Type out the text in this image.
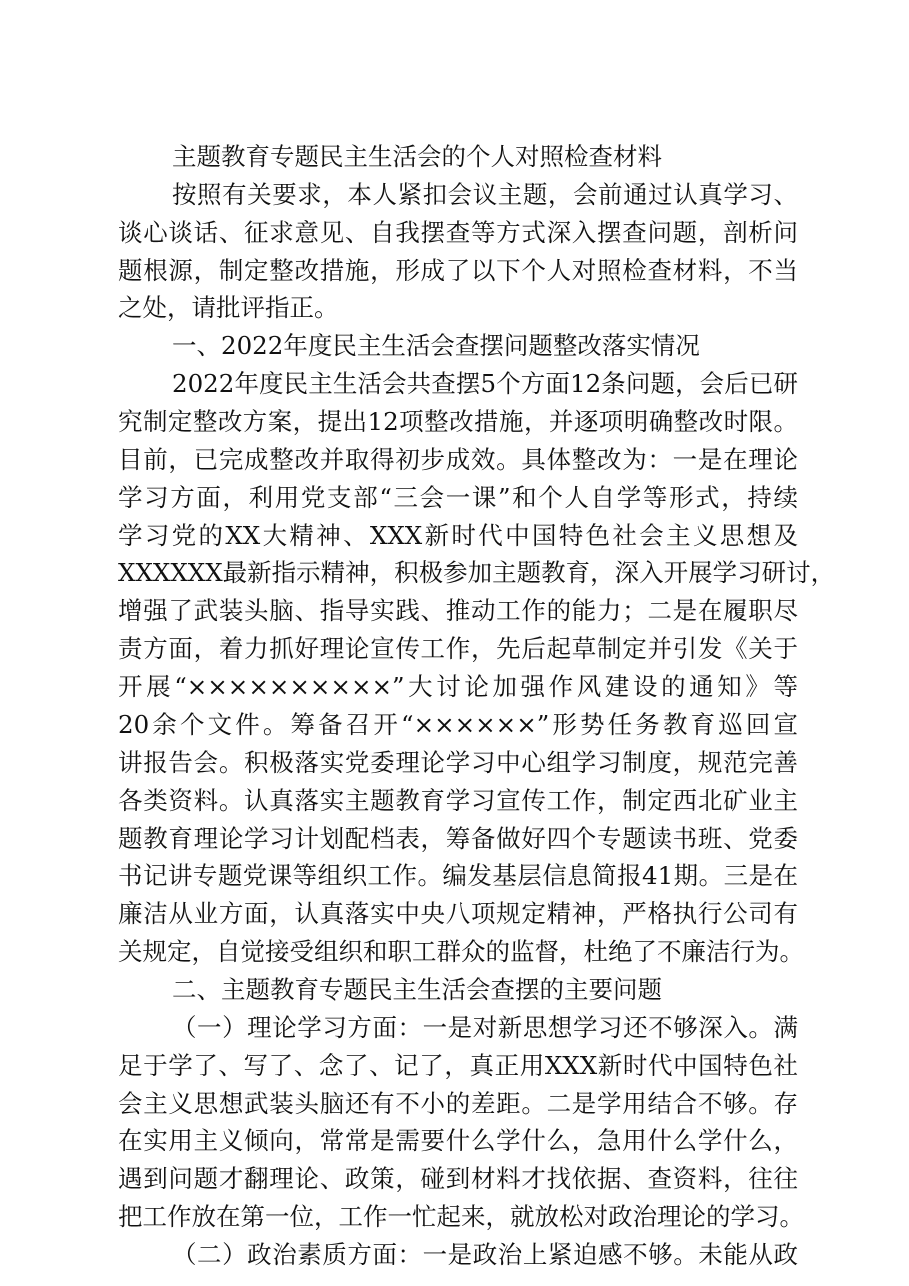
主题教育专题民主生活会的个人对照检查材料
按照有关要求，本人紧扣会议主题，会前通过认真学习、
谈心谈话、征求意见、自我摆查等方式深入摆查问题，剖析问
题根源，制定整改措施，形成了以下个人对照检查材料，不当
之处，请批评指正。
一、2022年度民主生活会查摆问题整改落实情况
2022年度民主生活会共查摆5个方面12条问题，会后已研
究制定整改方案，提出12项整改措施，并逐项明确整改时限。
目前，已完成整改并取得初步成效。具体整改为：一是在理论
学习方面，利用党支部“三会一课”和个人自学等形式，持续
学习党的XX大精神、XXX新时代中国特色社会主义思想及
XXXXXX最新指示精神，积极参加主题教育，深入开展学习研讨，
增强了武装头脑、指导实践、推动工作的能力；二是在履职尽
责方面，着力抓好理论宣传工作，先后起草制定并引发《关于
开展“××××××××××”大讨论加强作风建设的通知》等
20余个文件。筹备召开“××××××”形势任务教育巡回宣
讲报告会。积极落实党委理论学习中心组学习制度，规范完善
各类资料。认真落实主题教育学习宣传工作，制定西北矿业主
题教育理论学习计划配档表，筹备做好四个专题读书班、党委
书记讲专题党课等组织工作。编发基层信息简报41期。三是在
廉洁从业方面，认真落实中央八项规定精神，严格执行公司有
关规定，自觉接受组织和职工群众的监督，杜绝了不廉洁行为。
二、主题教育专题民主生活会查摆的主要问题
（一）理论学习方面：一是对新思想学习还不够深入。满
足于学了、写了、念了、记了，真正用XXX新时代中国特色社
会主义思想武装头脑还有不小的差距。二是学用结合不够。存
在实用主义倾向，常常是需要什么学什么，急用什么学什么，
遇到问题才翻理论、政策，碰到材料才找依据、查资料，往往
把工作放在第一位，工作一忙起来，就放松对政治理论的学习。
（二）政治素质方面：一是政治上紧迫感不够。未能从政
